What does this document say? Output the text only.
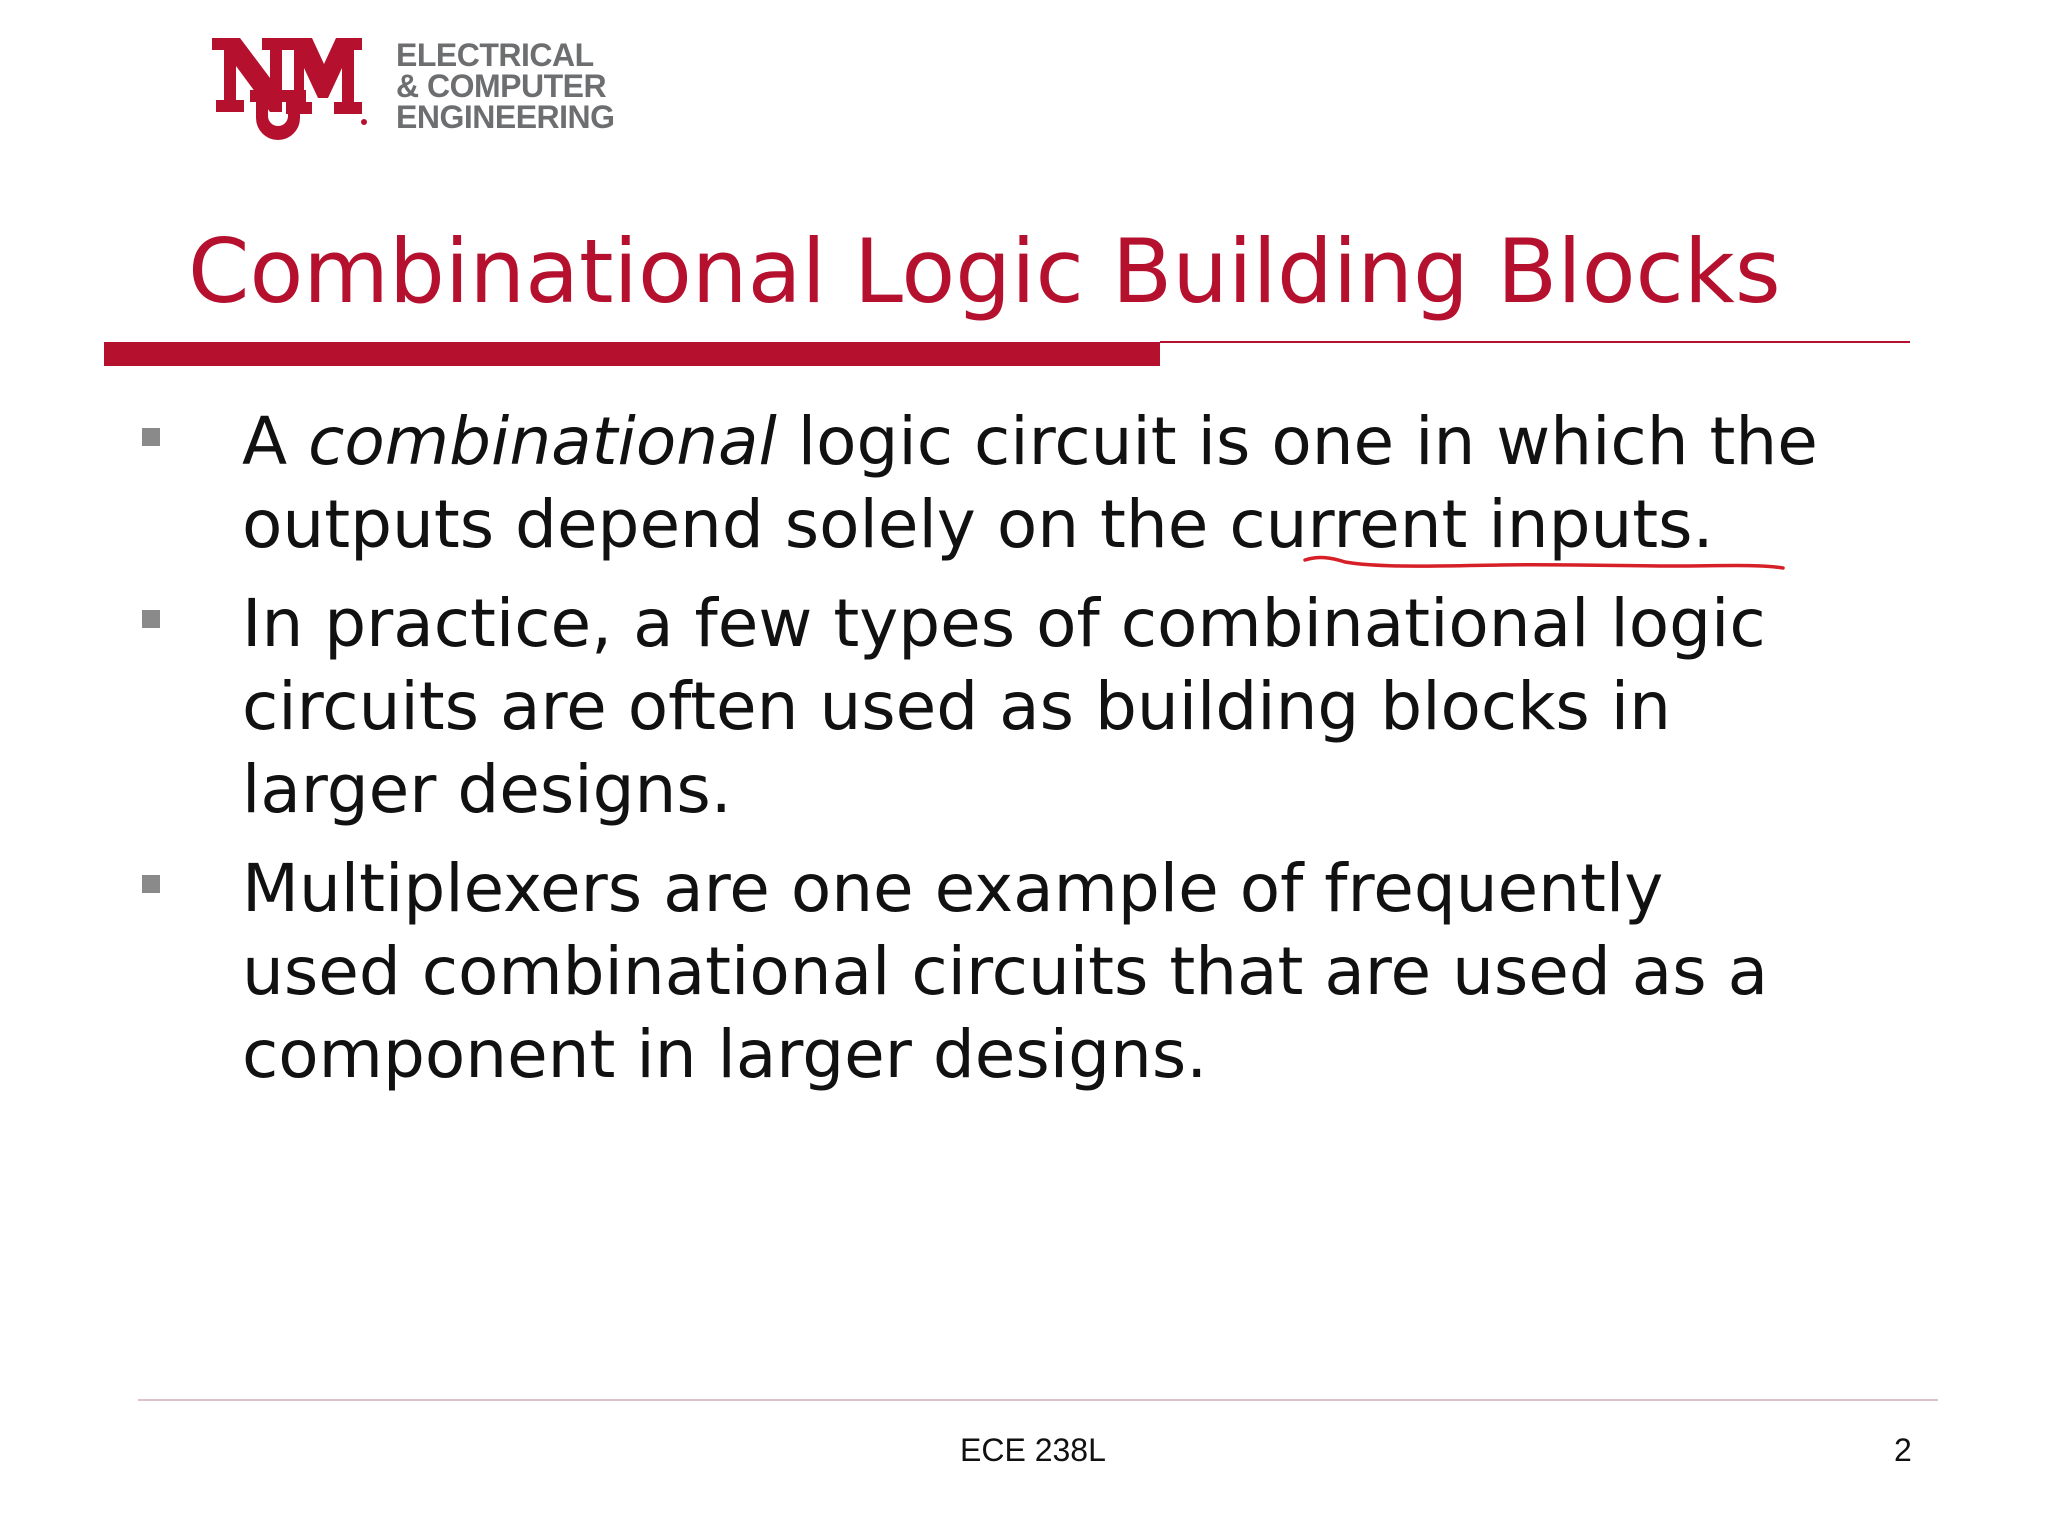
ELECTRICAL
& COMPUTER
ENGINEERING
Combinational Logic Building Blocks
A combinational logic circuit is one in which the
outputs depend solely on the current inputs.
In practice, a few types of combinational logic
circuits are often used as building blocks in
larger designs.
Multiplexers are one example of frequently
used combinational circuits that are used as a
component in larger designs.
ECE 238L	2
